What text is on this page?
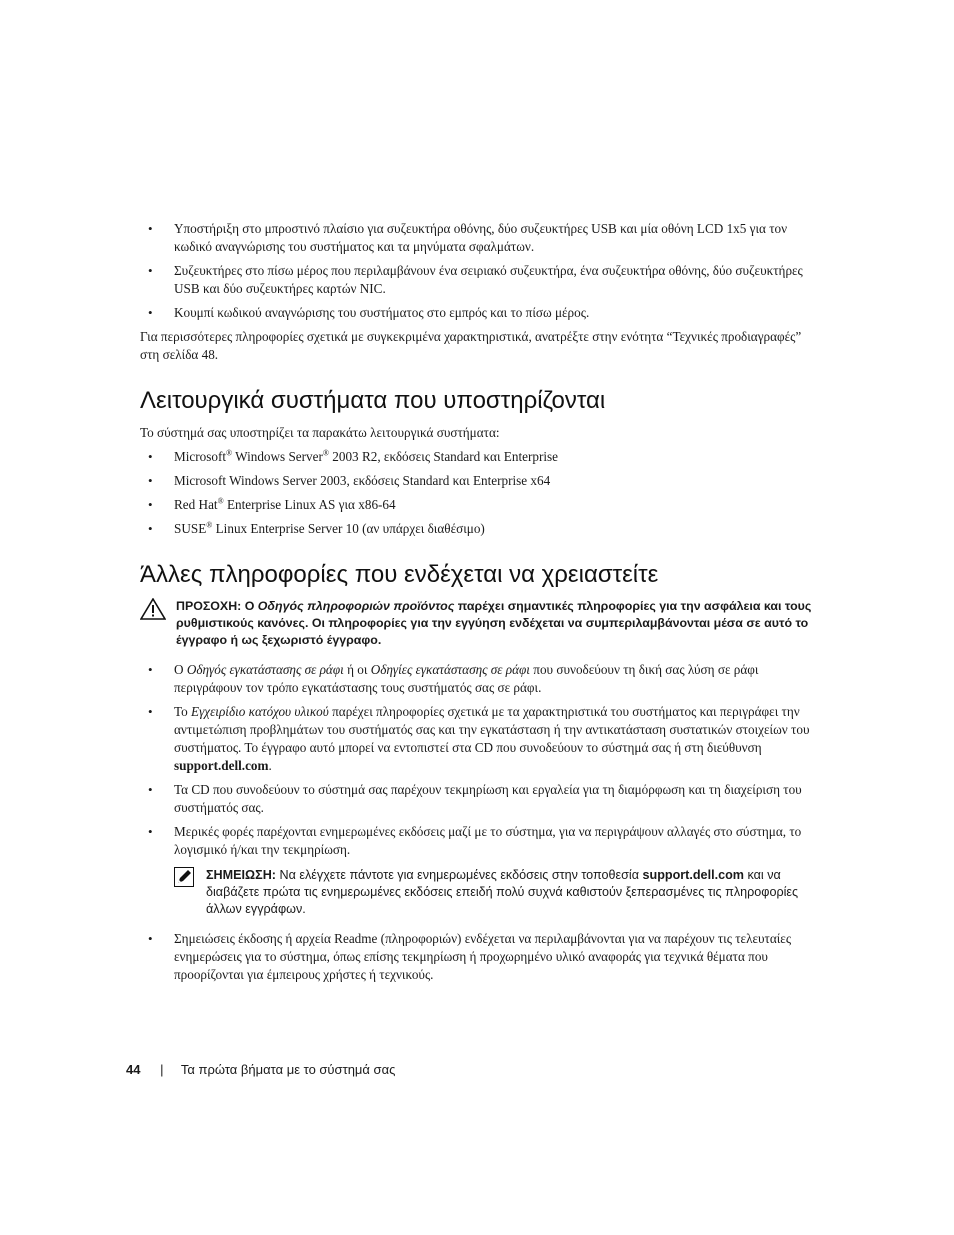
• Υποστήριξη στο μπροστινό πλαίσιο για συζευκτήρα οθόνης, δύο συζευκτήρες USB και μία οθόνη LCD 1x5 για τον κωδικό αναγνώρισης του συστήματος και τα μηνύματα σφαλμάτων.
• Συζευκτήρες στο πίσω μέρος που περιλαμβάνουν ένα σειριακό συζευκτήρα, ένα συζευκτήρα οθόνης, δύο συζευκτήρες USB και δύο συζευκτήρες καρτών NIC.
• Κουμπί κωδικού αναγνώρισης του συστήματος στο εμπρός και το πίσω μέρος.

Για περισσότερες πληροφορίες σχετικά με συγκεκριμένα χαρακτηριστικά, ανατρέξτε στην ενότητα “Τεχνικές προδιαγραφές” στη σελίδα 48.

Λειτουργικά συστήματα που υποστηρίζονται

Το σύστημά σας υποστηρίζει τα παρακάτω λειτουργικά συστήματα:

• Microsoft® Windows Server® 2003 R2, εκδόσεις Standard και Enterprise
• Microsoft Windows Server 2003, εκδόσεις Standard και Enterprise x64
• Red Hat® Enterprise Linux AS για x86-64
• SUSE® Linux Enterprise Server 10 (αν υπάρχει διαθέσιμο)
Άλλες πληροφορίες που ενδέχεται να χρειαστείτε
ΠΡΟΣΟΧΗ: Ο Οδηγός πληροφοριών προϊόντος παρέχει σημαντικές πληροφορίες για την ασφάλεια και τους ρυθμιστικούς κανόνες. Οι πληροφορίες για την εγγύηση ενδέχεται να συμπεριλαμβάνονται μέσα σε αυτό το έγγραφο ή ως ξεχωριστό έγγραφο.
• Ο Οδηγός εγκατάστασης σε ράφι ή οι Οδηγίες εγκατάστασης σε ράφι που συνοδεύουν τη δική σας λύση σε ράφι περιγράφουν τον τρόπο εγκατάστασης τους συστήματός σας σε ράφι.
• Το Εγχειρίδιο κατόχου υλικού παρέχει πληροφορίες σχετικά με τα χαρακτηριστικά του συστήματος και περιγράφει την αντιμετώπιση προβλημάτων του συστήματός σας και την εγκατάσταση ή την αντικατάσταση συστατικών στοιχείων του συστήματος. Το έγγραφο αυτό μπορεί να εντοπιστεί στα CD που συνοδεύουν το σύστημά σας ή στη διεύθυνση support.dell.com.
• Τα CD που συνοδεύουν το σύστημά σας παρέχουν τεκμηρίωση και εργαλεία για τη διαμόρφωση και τη διαχείριση του συστήματός σας.
• Μερικές φορές παρέχονται ενημερωμένες εκδόσεις μαζί με το σύστημα, για να περιγράψουν αλλαγές στο σύστημα, το λογισμικό ή/και την τεκμηρίωση.
ΣΗΜΕΙΩΣΗ: Να ελέγχετε πάντοτε για ενημερωμένες εκδόσεις στην τοποθεσία support.dell.com και να διαβάζετε πρώτα τις ενημερωμένες εκδόσεις επειδή πολύ συχνά καθιστούν ξεπερασμένες τις πληροφορίες άλλων εγγράφων.
• Σημειώσεις έκδοσης ή αρχεία Readme (πληροφοριών) ενδέχεται να περιλαμβάνονται για να παρέχουν τις τελευταίες ενημερώσεις για το σύστημα, όπως επίσης τεκμηρίωση ή προχωρημένο υλικό αναφοράς για τεχνικά θέματα που προορίζονται για έμπειρους χρήστες ή τεχνικούς.
44 | Τα πρώτα βήματα με το σύστημά σας
